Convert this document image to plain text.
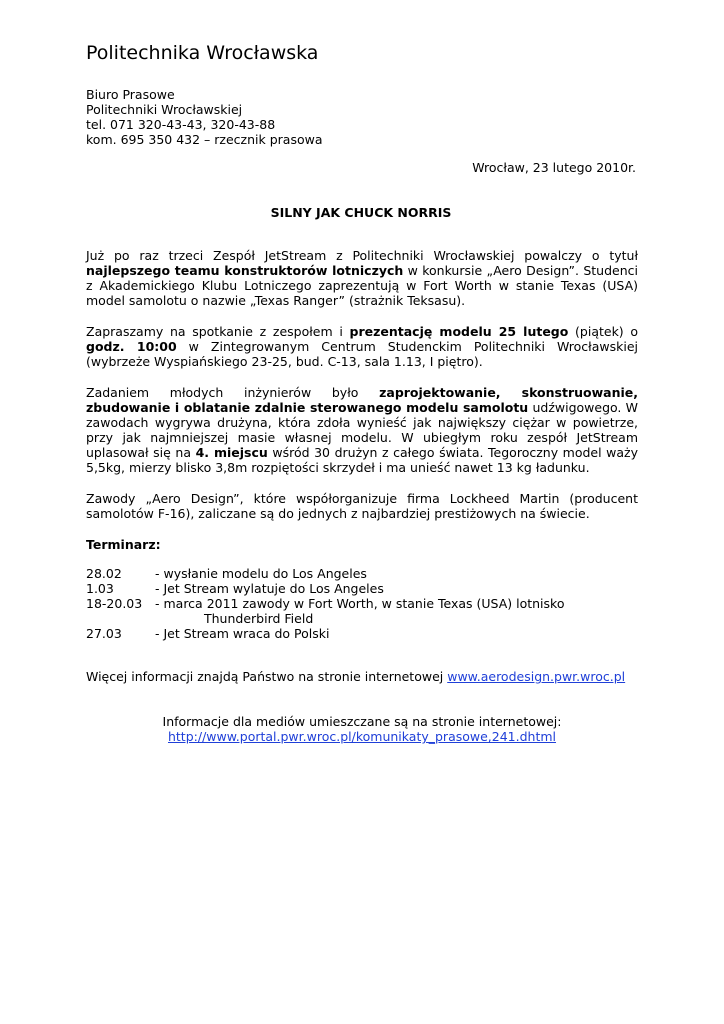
Politechnika Wrocławska
Biuro Prasowe
Politechniki Wrocławskiej
tel. 071 320-43-43, 320-43-88
kom. 695 350 432 – rzecznik prasowa
Wrocław, 23 lutego 2010r.
SILNY JAK CHUCK NORRIS
Już po raz trzeci Zespół JetStream z Politechniki Wrocławskiej powalczy o tytuł najlepszego teamu konstruktorów lotniczych w konkursie „Aero Design”. Studenci z Akademickiego Klubu Lotniczego zaprezentują w Fort Worth w stanie Texas (USA) model samolotu o nazwie „Texas Ranger” (strażnik Teksasu).
Zapraszamy na spotkanie z zespołem i prezentację modelu 25 lutego (piątek) o godz. 10:00 w Zintegrowanym Centrum Studenckim Politechniki Wrocławskiej (wybrzeże Wyspiańskiego 23-25, bud. C-13, sala 1.13, I piętro).
Zadaniem młodych inżynierów było zaprojektowanie, skonstruowanie, zbudowanie i oblatanie zdalnie sterowanego modelu samolotu udźwigowego. W zawodach wygrywa drużyna, która zdoła wynieść jak największy ciężar w powietrze, przy jak najmniejszej masie własnej modelu. W ubiegłym roku zespół JetStream uplasował się na 4. miejscu wśród 30 drużyn z całego świata. Tegoroczny model waży 5,5kg, mierzy blisko 3,8m rozpiętości skrzydeł i ma unieść nawet 13 kg ładunku.
Zawody „Aero Design”, które współorganizuje firma Lockheed Martin (producent samolotów F-16), zaliczane są do jednych z najbardziej prestiżowych na świecie.
Terminarz:
28.02	- wysłanie modelu do Los Angeles
1.03	- Jet Stream wylatuje do Los Angeles
18-20.03	- marca 2011 zawody w Fort Worth, w stanie Texas (USA) lotnisko
Thunderbird Field
27.03	- Jet Stream wraca do Polski
Więcej informacji znajdą Państwo na stronie internetowej www.aerodesign.pwr.wroc.pl
Informacje dla mediów umieszczane są na stronie internetowej:
http://www.portal.pwr.wroc.pl/komunikaty_prasowe,241.dhtml
